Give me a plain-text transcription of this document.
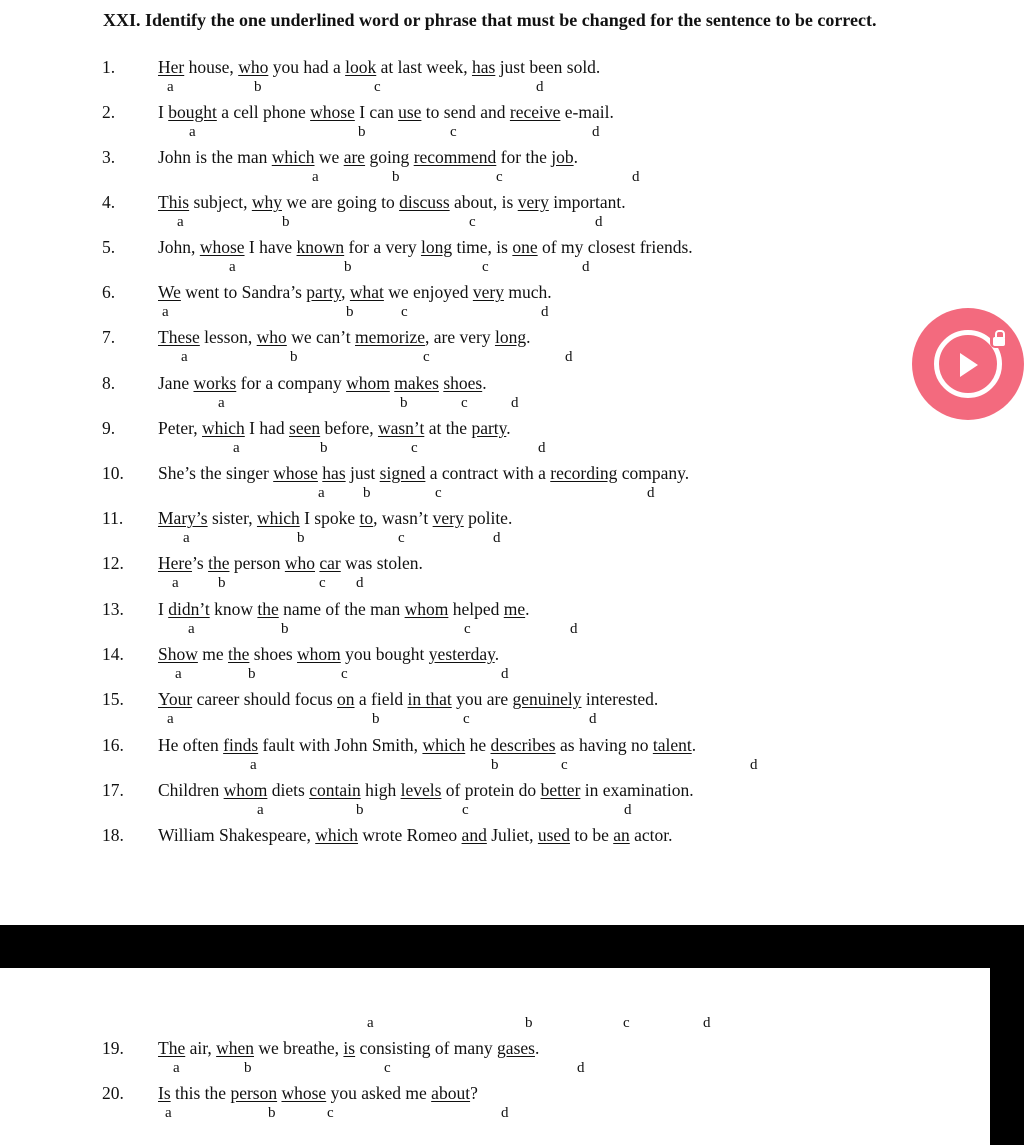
XXI. Identify the one underlined word or phrase that must be changed for the sentence to be correct.

1. Her house, who you had a look at last week, has just been sold.
a	b	c	d
2. I bought a cell phone whose I can use to send and receive e-mail.
a	b	c	d
3. John is the man which we are going recommend for the job.
a	b	c	d
4. This subject, why we are going to discuss about, is very important.
a	b	c	d
5. John, whose I have known for a very long time, is one of my closest friends.
a	b	c	d
6. We went to Sandra’s party, what we enjoyed very much.
a	b	c	d
7. These lesson, who we can’t memorize, are very long.
a	b	c	d
8. Jane works for a company whom makes shoes.
a	b	c	d
9. Peter, which I had seen before, wasn’t at the party.
a	b	c	d
10. She’s the singer whose has just signed a contract with a recording company.
a	b	c	d
11. Mary’s sister, which I spoke to, wasn’t very polite.
a	b	c	d
12. Here’s the person who car was stolen.
a	b	c d
13. I didn’t know the name of the man whom helped me.
a	b	c	d
14. Show me the shoes whom you bought yesterday.
a	b	c	d
15. Your career should focus on a field in that you are genuinely interested.
a	b	c	d
16. He often finds fault with John Smith, which he describes as having no talent.
a	b	c	d
17. Children whom diets contain high levels of protein do better in examination.
a	b	c	d
18. William Shakespeare, which wrote Romeo and Juliet, used to be an actor.
19. The air, when we breathe, is consisting of many gases.
a	b	c	d
20. Is this the person whose you asked me about?
a	b	c	d
a	b	c	d
